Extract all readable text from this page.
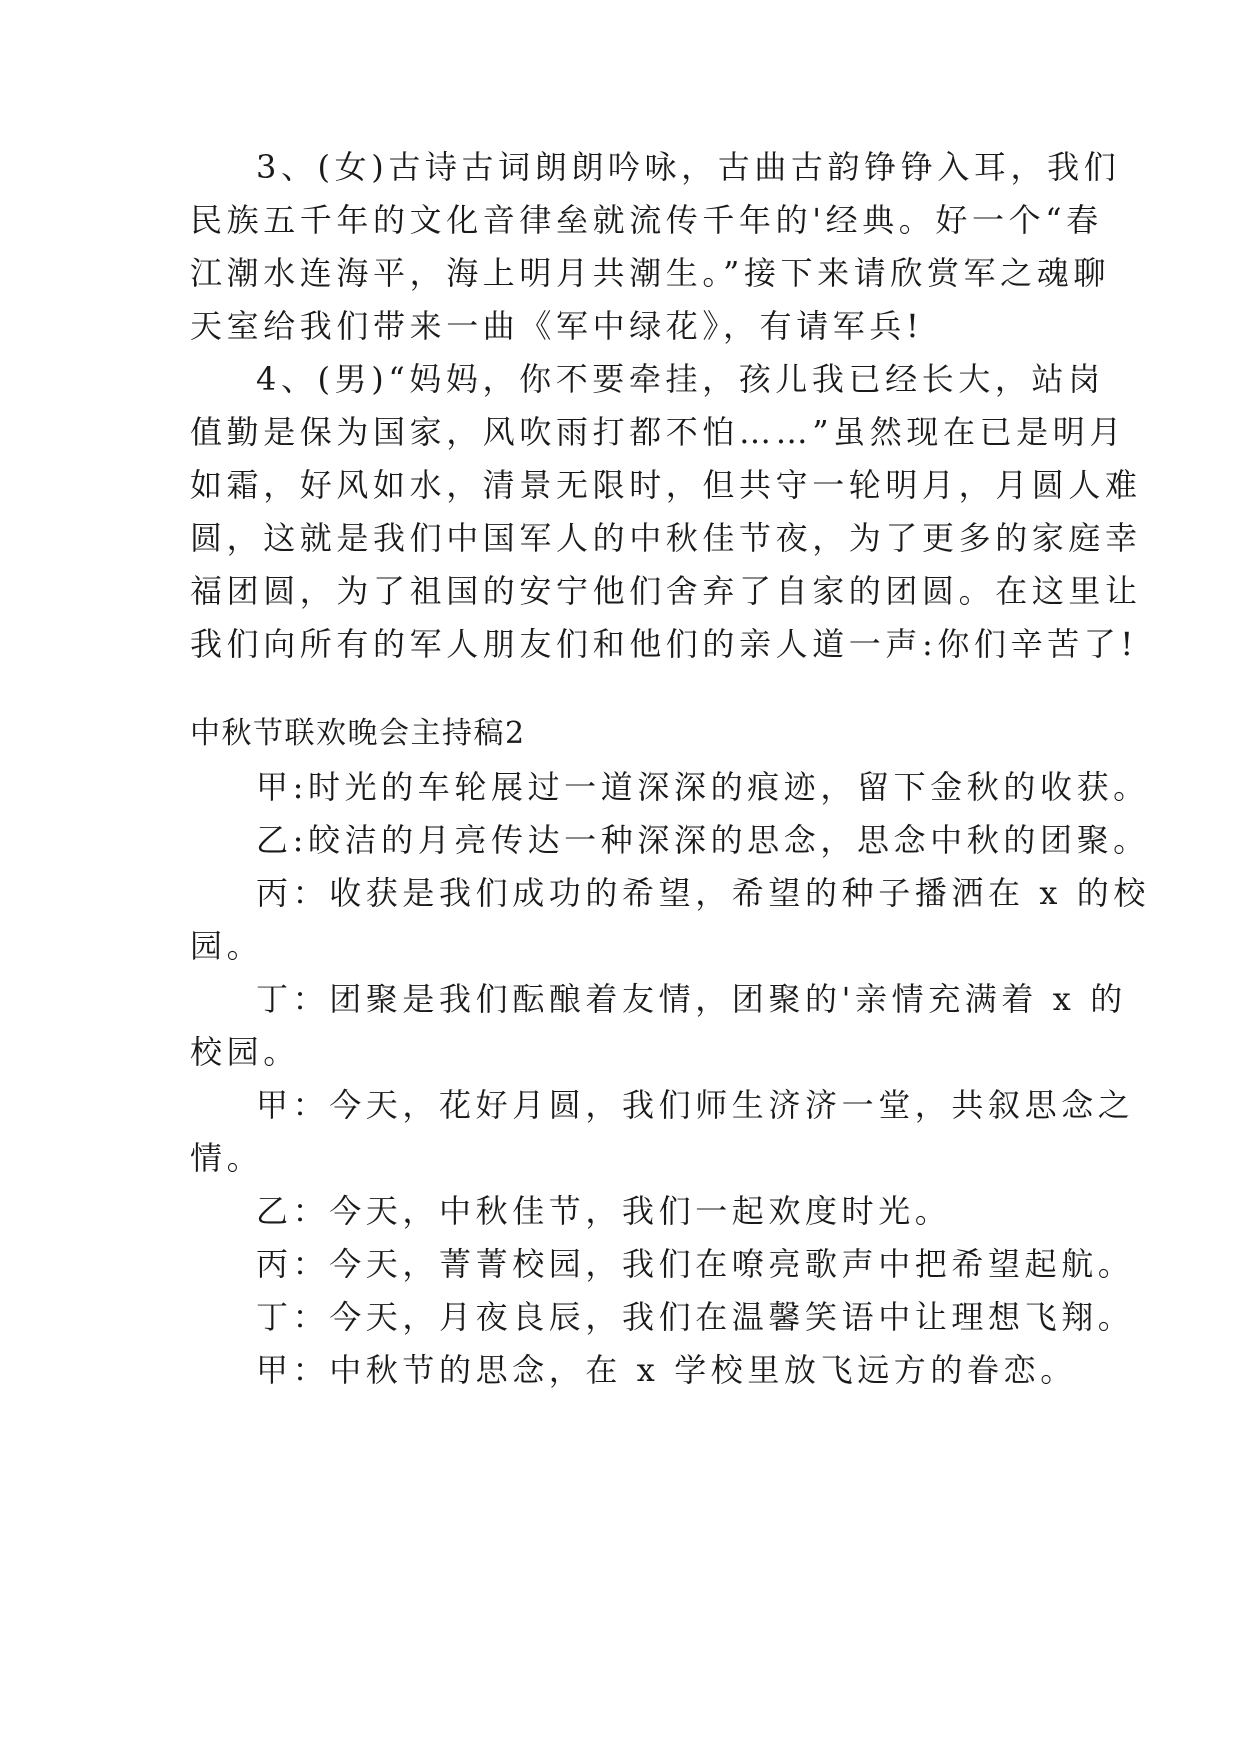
3、(女)古诗古词朗朗吟咏，古曲古韵铮铮入耳，我们
民族五千年的文化音律垒就流传千年的'经典。好一个“春
江潮水连海平，海上明月共潮生。”接下来请欣赏军之魂聊
天室给我们带来一曲《军中绿花》，有请军兵!
4、(男)“妈妈，你不要牵挂，孩儿我已经长大，站岗
值勤是保为国家，风吹雨打都不怕……”虽然现在已是明月
如霜，好风如水，清景无限时，但共守一轮明月，月圆人难
圆，这就是我们中国军人的中秋佳节夜，为了更多的家庭幸
福团圆，为了祖国的安宁他们舍弃了自家的团圆。在这里让
我们向所有的军人朋友们和他们的亲人道一声:你们辛苦了!
中秋节联欢晚会主持稿2
甲:时光的车轮展过一道深深的痕迹，留下金秋的收获。
乙:皎洁的月亮传达一种深深的思念，思念中秋的团聚。
丙：收获是我们成功的希望，希望的种子播洒在 x 的校
园。
丁：团聚是我们酝酿着友情，团聚的'亲情充满着 x 的
校园。
甲：今天，花好月圆，我们师生济济一堂，共叙思念之
情。
乙：今天，中秋佳节，我们一起欢度时光。
丙：今天，菁菁校园，我们在嘹亮歌声中把希望起航。
丁：今天，月夜良辰，我们在温馨笑语中让理想飞翔。
甲：中秋节的思念，在 x 学校里放飞远方的眷恋。
